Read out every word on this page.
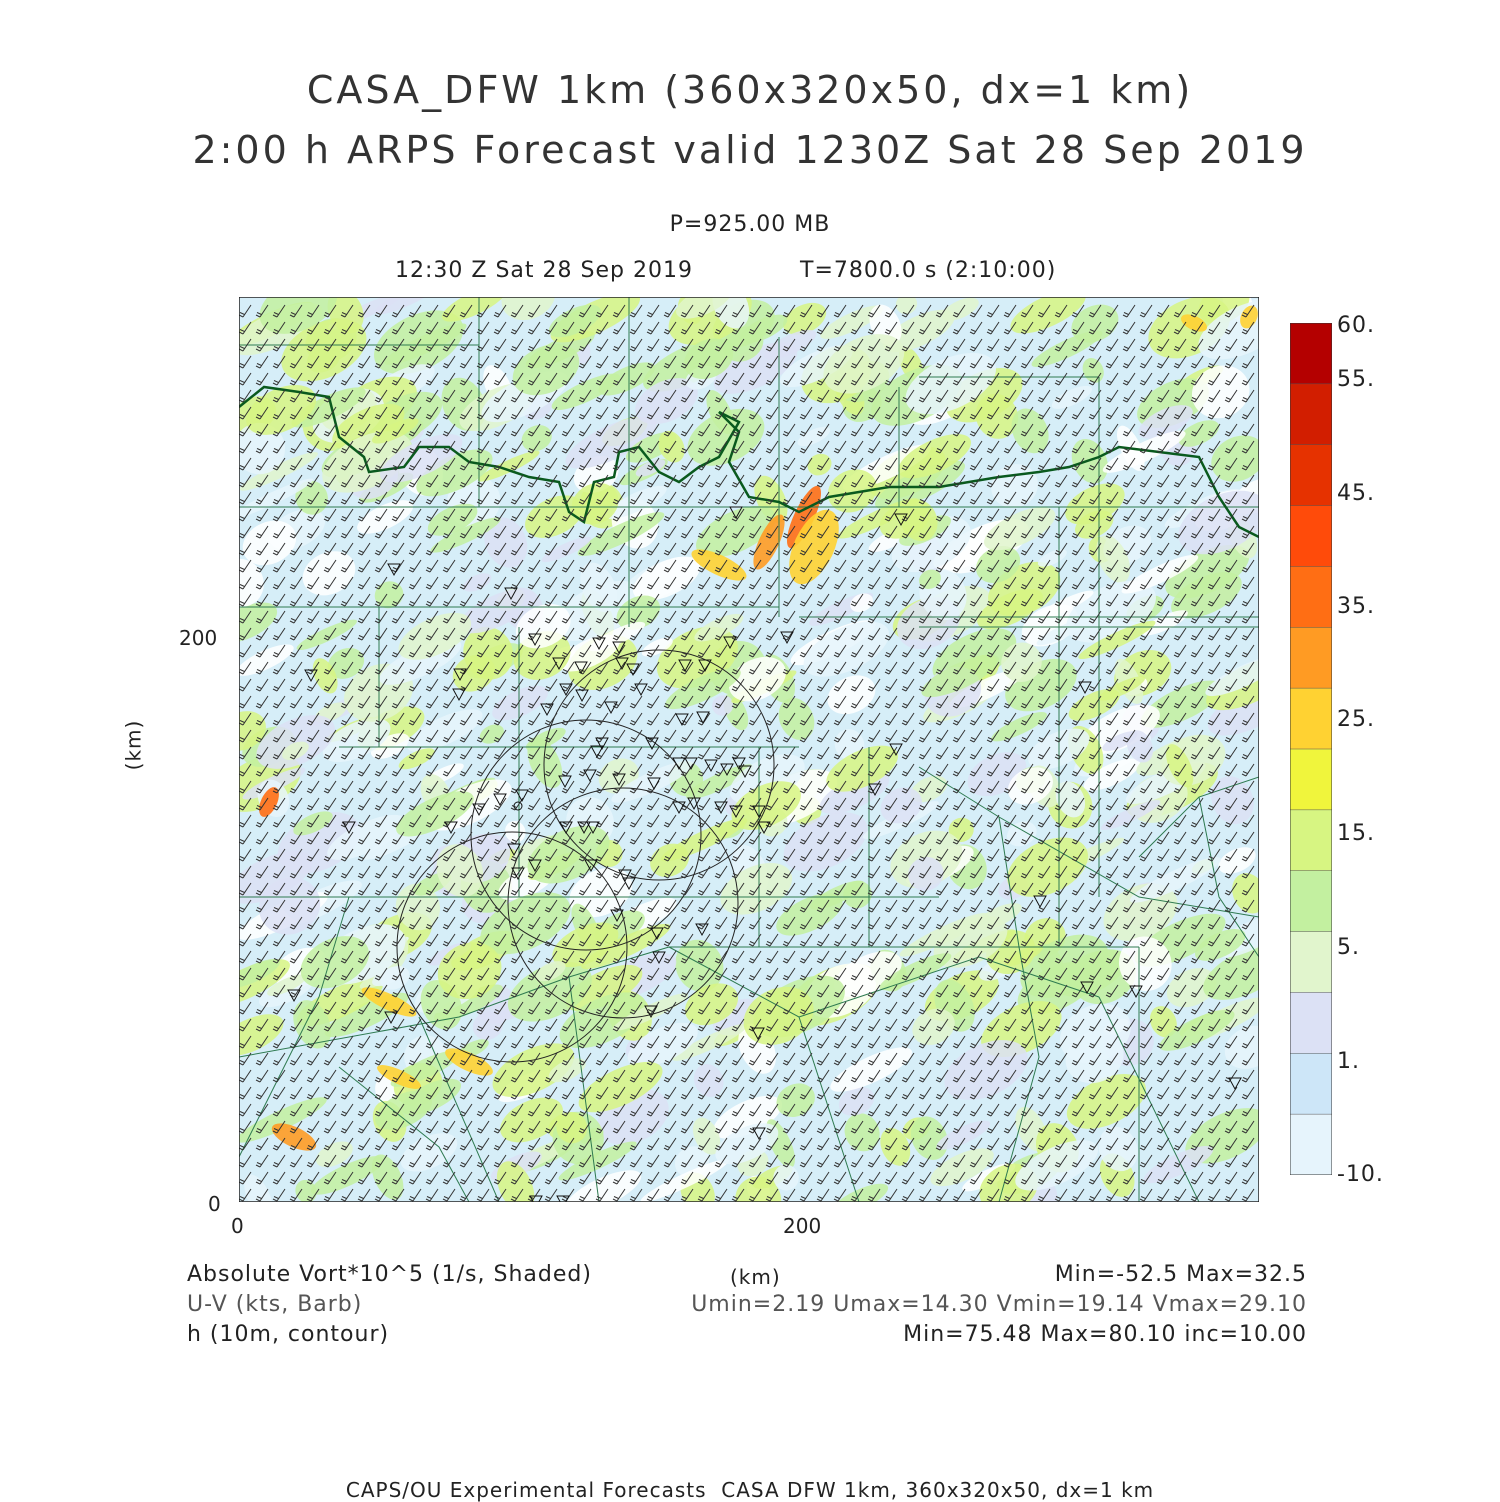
CASA_DFW 1km (360x320x50, dx=1 km)
2:00 h ARPS Forecast valid 1230Z Sat 28 Sep 2019
P=925.00 MB
12:30 Z Sat 28 Sep 2019	T=7800.0 s (2:10:00)
0	200
0
200
(km)
60.
55.
45.
35.
25.
15.
5.
1.
-10.
Absolute Vort*10^5 (1/s, Shaded)
U-V (kts, Barb)
h (10m, contour)
(km)	Min=-52.5 Max=32.5
Umin=2.19 Umax=14.30 Vmin=19.14 Vmax=29.10
Min=75.48 Max=80.10 inc=10.00
CAPS/OU Experimental Forecasts  CASA DFW 1km, 360x320x50, dx=1 km
